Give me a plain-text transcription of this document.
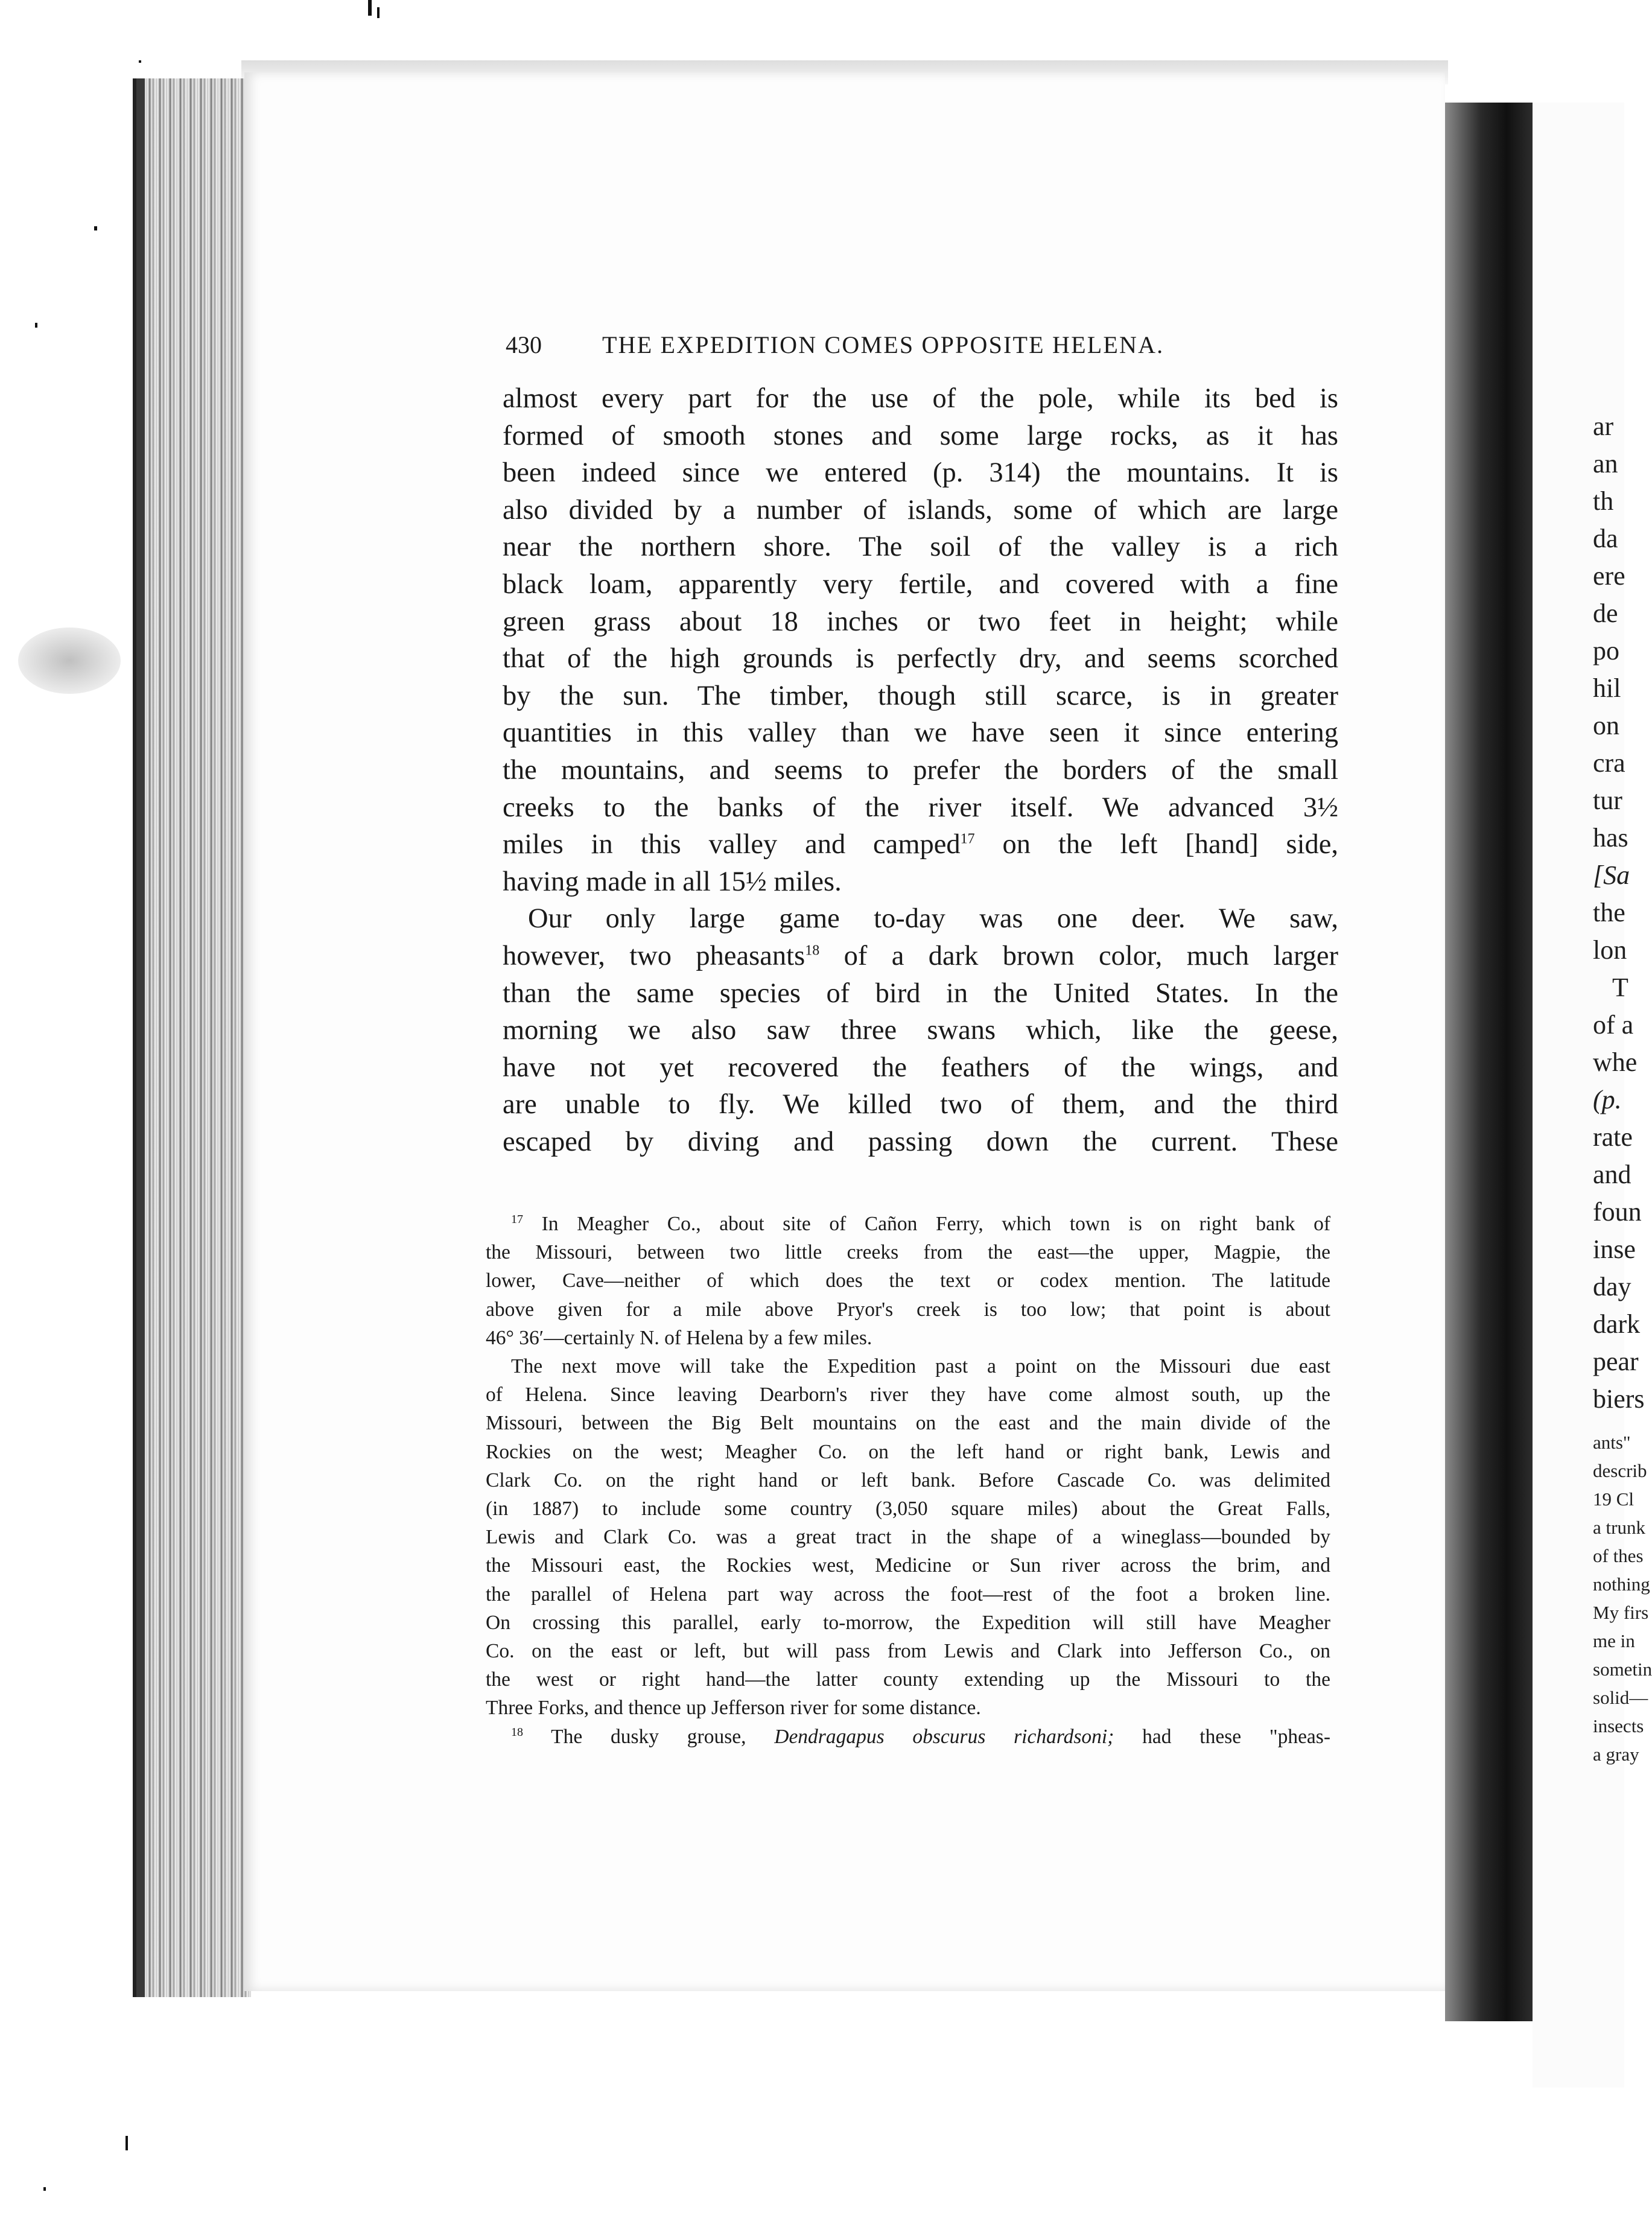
430	THE EXPEDITION COMES OPPOSITE HELENA.
almost every part for the use of the pole, while its bed is
formed of smooth stones and some large rocks, as it has
been indeed since we entered (p. 314) the mountains. It is
also divided by a number of islands, some of which are large
near the northern shore. The soil of the valley is a rich
black loam, apparently very fertile, and covered with a fine
green grass about 18 inches or two feet in height; while
that of the high grounds is perfectly dry, and seems scorched
by the sun. The timber, though still scarce, is in greater
quantities in this valley than we have seen it since entering
the mountains, and seems to prefer the borders of the small
creeks to the banks of the river itself. We advanced 3½
miles in this valley and camped$^{17}$ on the left [hand] side,
having made in all 15½ miles.
Our only large game to-day was one deer. We saw,
however, two pheasants$^{18}$ of a dark brown color, much larger
than the same species of bird in the United States. In the
morning we also saw three swans which, like the geese,
have not yet recovered the feathers of the wings, and
are unable to fly. We killed two of them, and the third
escaped by diving and passing down the current. These
$^{17}$ In Meagher Co., about site of Cañon Ferry, which town is on right bank of
the Missouri, between two little creeks from the east—the upper, Magpie, the
lower, Cave—neither of which does the text or codex mention. The latitude
above given for a mile above Pryor's creek is too low; that point is about
46° 36′—certainly N. of Helena by a few miles.
The next move will take the Expedition past a point on the Missouri due east
of Helena. Since leaving Dearborn's river they have come almost south, up the
Missouri, between the Big Belt mountains on the east and the main divide of the
Rockies on the west; Meagher Co. on the left hand or right bank, Lewis and
Clark Co. on the right hand or left bank. Before Cascade Co. was delimited
(in 1887) to include some country (3,050 square miles) about the Great Falls,
Lewis and Clark Co. was a great tract in the shape of a wineglass—bounded by
the Missouri east, the Rockies west, Medicine or Sun river across the brim, and
the parallel of Helena part way across the foot—rest of the foot a broken line.
On crossing this parallel, early to-morrow, the Expedition will still have Meagher
Co. on the east or left, but will pass from Lewis and Clark into Jefferson Co., on
the west or right hand—the latter county extending up the Missouri to the
Three Forks, and thence up Jefferson river for some distance.
$^{18}$ The dusky grouse, Dendragapus obscurus richardsoni; had these "pheas-
ar
an
th
da
ere
de
po
hil
on
cra
tur
has
[Sa
the
lon
T
of a
whe
(p.
rate
and
foun
inse
day
dark
pear
biers
ants"
describ
19 Cl
a trunk
of thes
nothing
My firs
me in
sometin
solid—
insects
a gray
